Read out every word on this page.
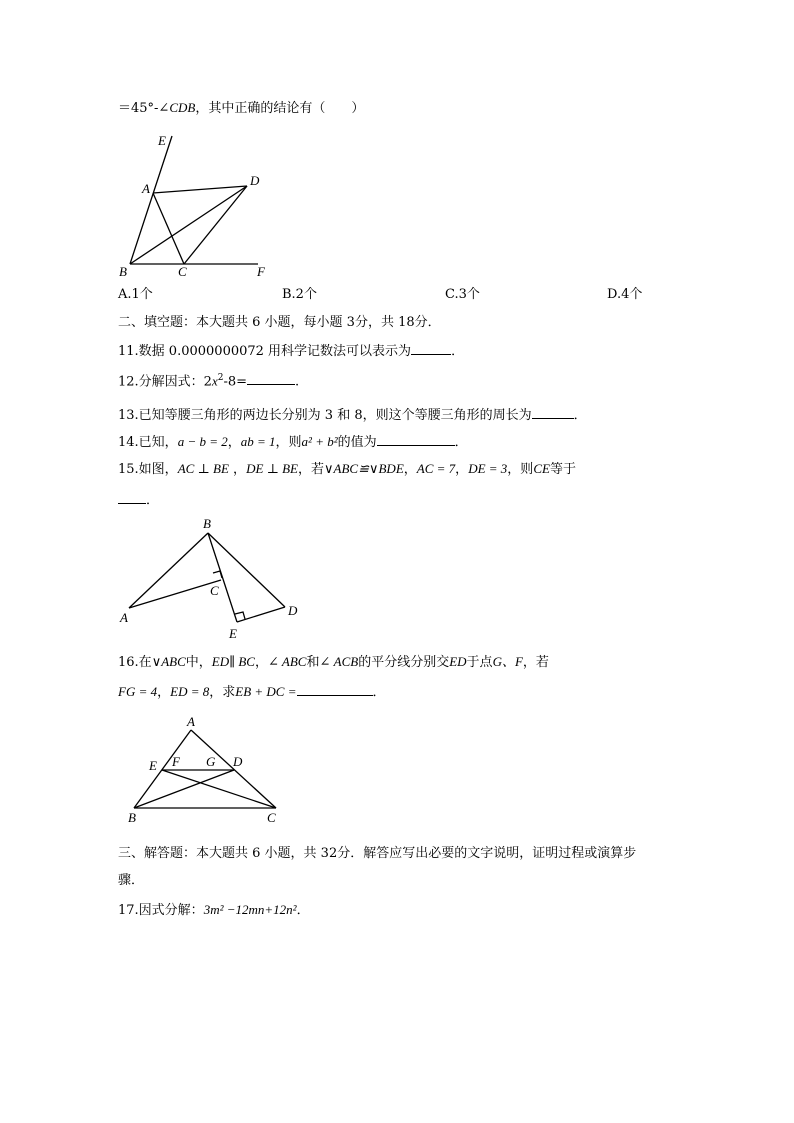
＝45°-∠CDB，其中正确的结论有（　　）
E
A
D
B	C	F
A.1个	B.2个	C.3个	D.4个
二、填空题：本大题共 6 小题，每小题 3分，共 18分．
11.数据 0.0000000072 用科学记数法可以表示为	．
12.分解因式：$2x^2-8=$	.
13.已知等腰三角形的两边长分别为 3 和 8，则这个等腰三角形的周长为	．
14.已知，a − b = 2，ab = 1，则a² + b²的值为	．
15.如图，AC ⊥ BE ，DE ⊥ BE，若∨ABC≌∨BDE，AC = 7，DE = 3，则CE等于
．
B
C
D
A
E
16.在∨ABC中，ED∥ BC，∠ ABC和∠ ACB的平分线分别交ED于点G、F，若
FG = 4，ED = 8，求EB + DC =	．
A
E F G D
B	C
三、解答题：本大题共 6 小题，共 32分．解答应写出必要的文字说明，证明过程或演算步
骤．
17.因式分解：3m² −12mn+12n²．
